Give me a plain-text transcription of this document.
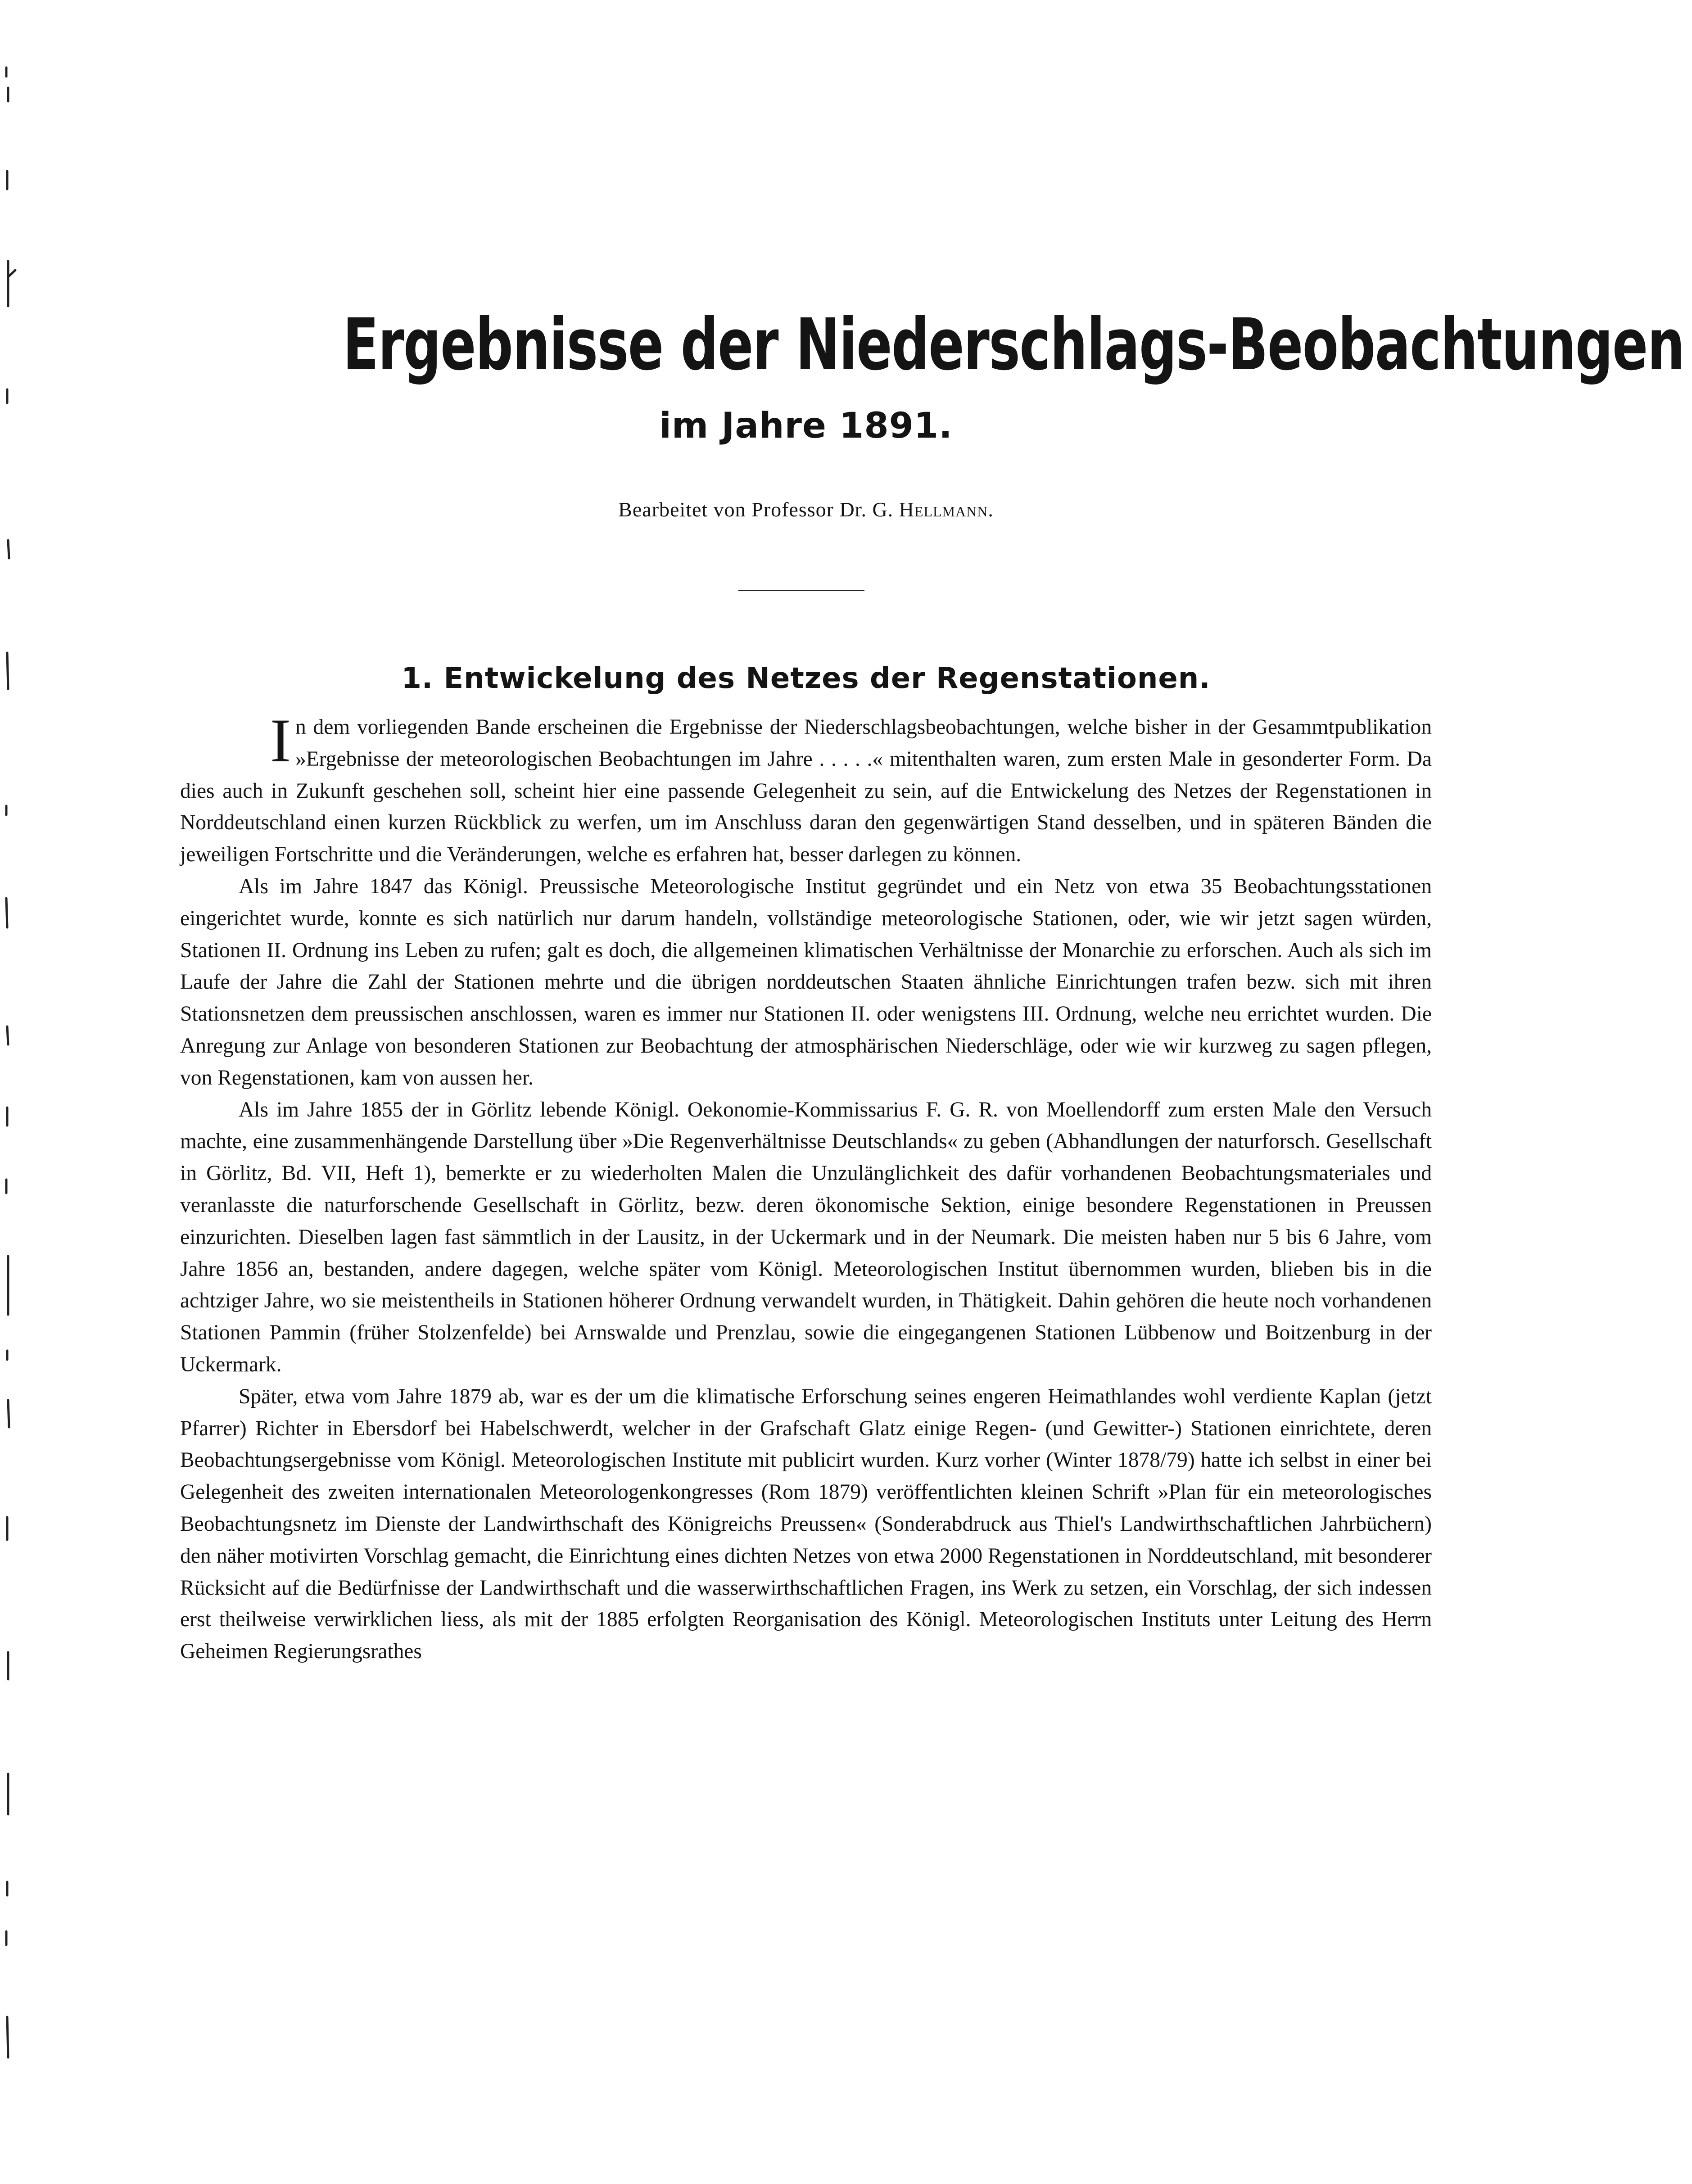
Ergebnisse der Niederschlags-Beobachtungen
im Jahre 1891.

Bearbeitet von Professor Dr. G. Hellmann.

1. Entwickelung des Netzes der Regenstationen.

In dem vorliegenden Bande erscheinen die Ergebnisse der Niederschlagsbeobachtungen, welche bisher in der Gesammtpublikation »Ergebnisse der meteorologischen Beobachtungen im Jahre . . . . .« mitenthalten waren, zum ersten Male in gesonderter Form. Da dies auch in Zukunft geschehen soll, scheint hier eine passende Gelegenheit zu sein, auf die Entwickelung des Netzes der Regenstationen in Norddeutschland einen kurzen Rückblick zu werfen, um im Anschluss daran den gegenwärtigen Stand desselben, und in späteren Bänden die jeweiligen Fortschritte und die Veränderungen, welche es erfahren hat, besser darlegen zu können.

Als im Jahre 1847 das Königl. Preussische Meteorologische Institut gegründet und ein Netz von etwa 35 Beobachtungsstationen eingerichtet wurde, konnte es sich natürlich nur darum handeln, vollständige meteorologische Stationen, oder, wie wir jetzt sagen würden, Stationen II. Ordnung ins Leben zu rufen; galt es doch, die allgemeinen klimatischen Verhältnisse der Monarchie zu erforschen. Auch als sich im Laufe der Jahre die Zahl der Stationen mehrte und die übrigen norddeutschen Staaten ähnliche Einrichtungen trafen bezw. sich mit ihren Stationsnetzen dem preussischen anschlossen, waren es immer nur Stationen II. oder wenigstens III. Ordnung, welche neu errichtet wurden. Die Anregung zur Anlage von besonderen Stationen zur Beobachtung der atmosphärischen Niederschläge, oder wie wir kurzweg zu sagen pflegen, von Regenstationen, kam von aussen her.

Als im Jahre 1855 der in Görlitz lebende Königl. Oekonomie-Kommissarius F. G. R. von Moellendorff zum ersten Male den Versuch machte, eine zusammenhängende Darstellung über »Die Regenverhältnisse Deutschlands« zu geben (Abhandlungen der naturforsch. Gesellschaft in Görlitz, Bd. VII, Heft 1), bemerkte er zu wiederholten Malen die Unzulänglichkeit des dafür vorhandenen Beobachtungsmateriales und veranlasste die naturforschende Gesellschaft in Görlitz, bezw. deren ökonomische Sektion, einige besondere Regenstationen in Preussen einzurichten. Dieselben lagen fast sämmtlich in der Lausitz, in der Uckermark und in der Neumark. Die meisten haben nur 5 bis 6 Jahre, vom Jahre 1856 an, bestanden, andere dagegen, welche später vom Königl. Meteorologischen Institut übernommen wurden, blieben bis in die achtziger Jahre, wo sie meistentheils in Stationen höherer Ordnung verwandelt wurden, in Thätigkeit. Dahin gehören die heute noch vorhandenen Stationen Pammin (früher Stolzenfelde) bei Arnswalde und Prenzlau, sowie die eingegangenen Stationen Lübbenow und Boitzenburg in der Uckermark.

Später, etwa vom Jahre 1879 ab, war es der um die klimatische Erforschung seines engeren Heimathlandes wohl verdiente Kaplan (jetzt Pfarrer) Richter in Ebersdorf bei Habelschwerdt, welcher in der Grafschaft Glatz einige Regen- (und Gewitter-) Stationen einrichtete, deren Beobachtungsergebnisse vom Königl. Meteorologischen Institute mit publicirt wurden. Kurz vorher (Winter 1878/79) hatte ich selbst in einer bei Gelegenheit des zweiten internationalen Meteorologenkongresses (Rom 1879) veröffentlichten kleinen Schrift »Plan für ein meteorologisches Beobachtungsnetz im Dienste der Landwirthschaft des Königreichs Preussen« (Sonderabdruck aus Thiel's Landwirthschaftlichen Jahrbüchern) den näher motivirten Vorschlag gemacht, die Einrichtung eines dichten Netzes von etwa 2000 Regenstationen in Norddeutschland, mit besonderer Rücksicht auf die Bedürfnisse der Landwirthschaft und die wasserwirthschaftlichen Fragen, ins Werk zu setzen, ein Vorschlag, der sich indessen erst theilweise verwirklichen liess, als mit der 1885 erfolgten Reorganisation des Königl. Meteorologischen Instituts unter Leitung des Herrn Geheimen Regierungsrathes
